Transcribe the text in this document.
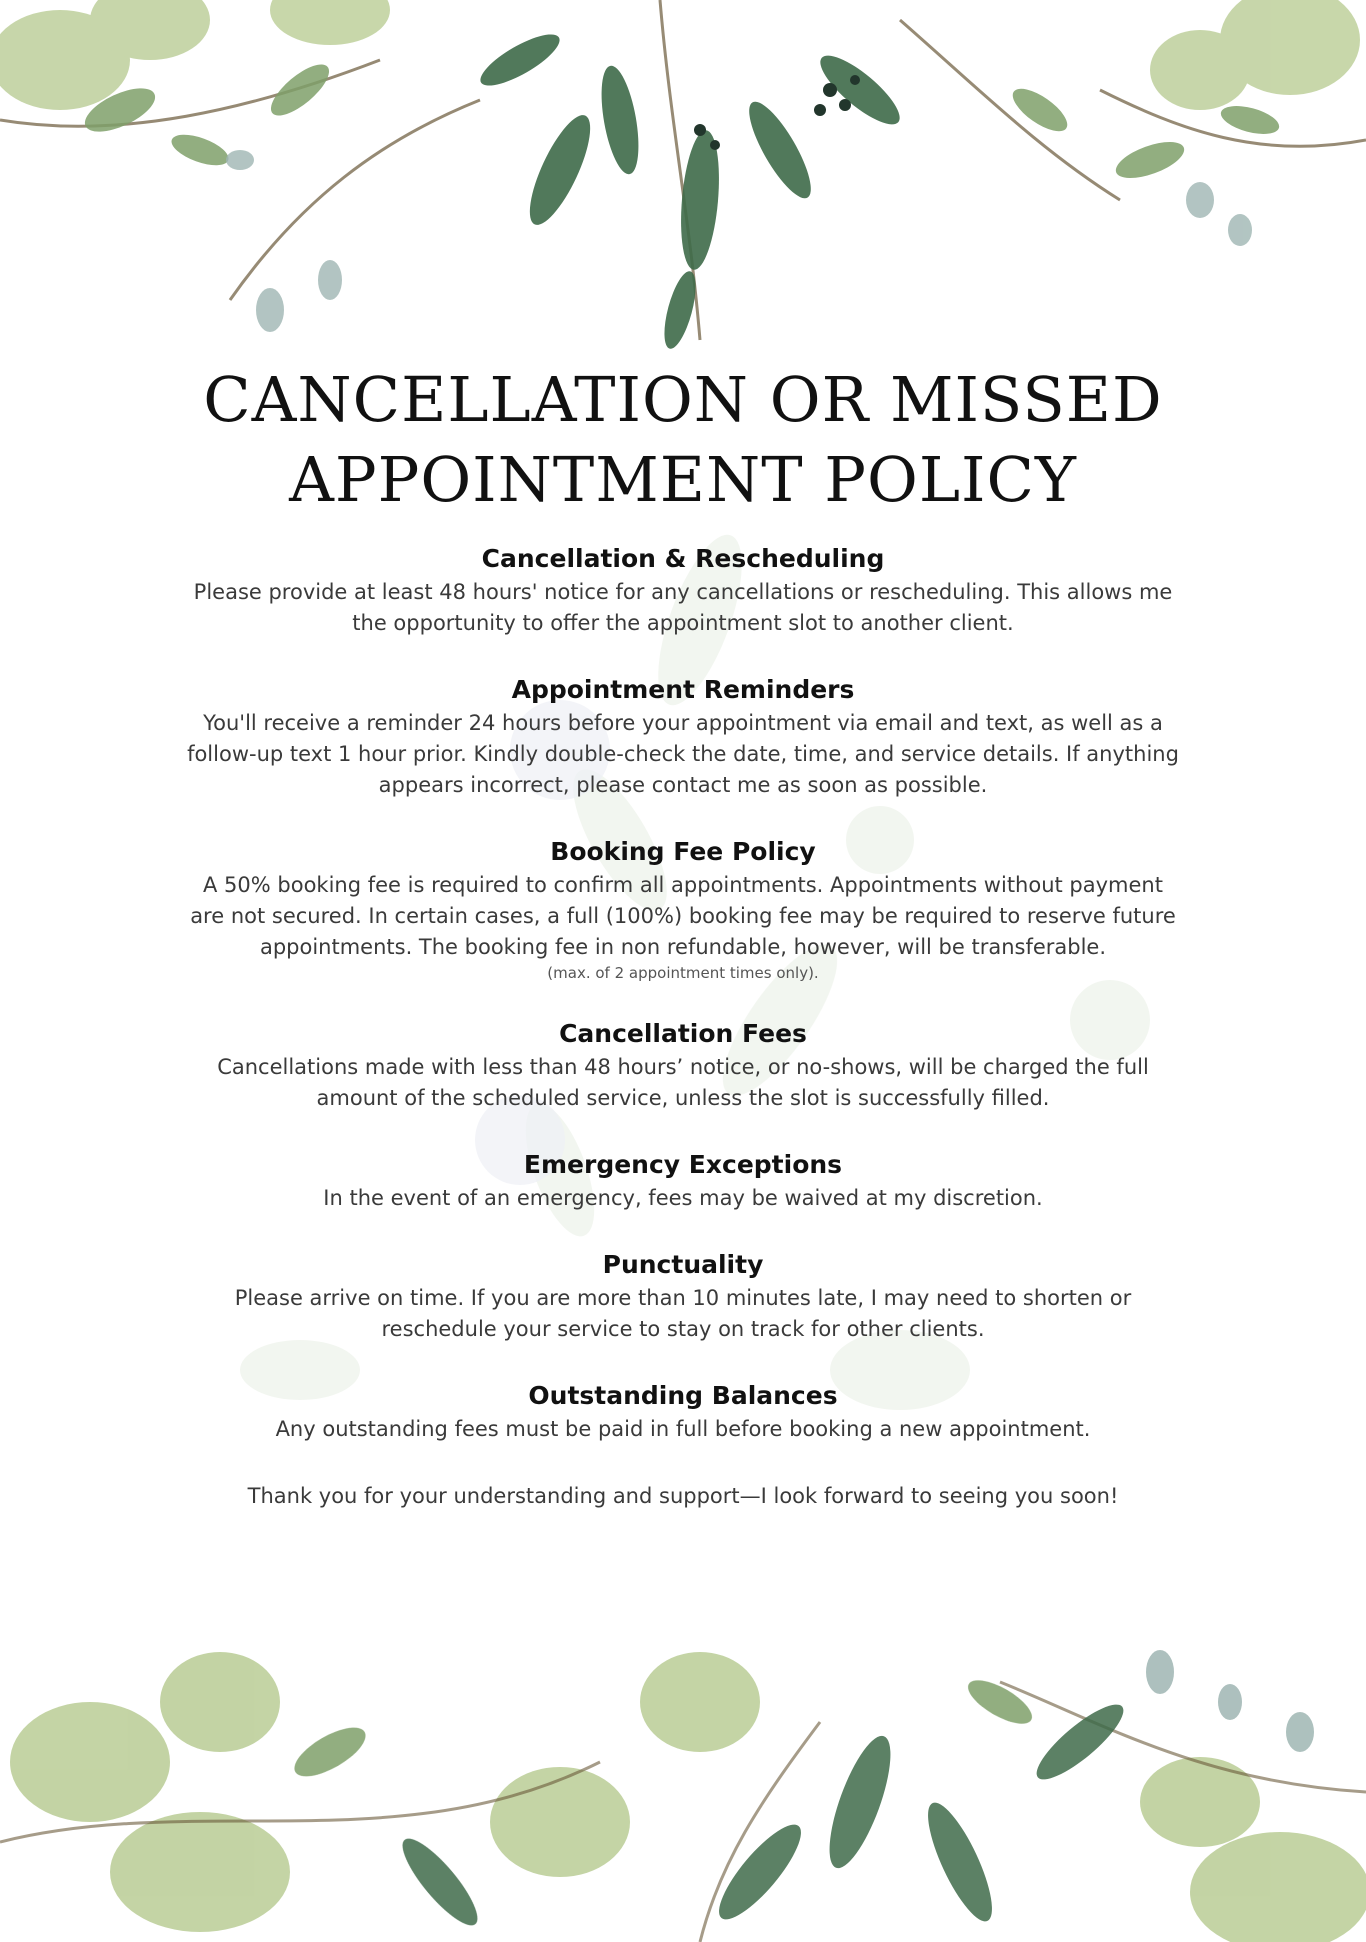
CANCELLATION OR MISSED
APPOINTMENT POLICY
Cancellation & Rescheduling

Please provide at least 48 hours' notice for any cancellations or rescheduling. This allows me the opportunity to offer the appointment slot to another client.

Appointment Reminders

You'll receive a reminder 24 hours before your appointment via email and text, as well as a follow-up text 1 hour prior. Kindly double-check the date, time, and service details. If anything appears incorrect, please contact me as soon as possible.

Booking Fee Policy

A 50% booking fee is required to confirm all appointments. Appointments without payment are not secured. In certain cases, a full (100%) booking fee may be required to reserve future appointments. The booking fee in non refundable, however, will be transferable.

(max. of 2 appointment times only).

Cancellation Fees

Cancellations made with less than 48 hours’ notice, or no-shows, will be charged the full amount of the scheduled service, unless the slot is successfully filled.

Emergency Exceptions

In the event of an emergency, fees may be waived at my discretion.

Punctuality

Please arrive on time. If you are more than 10 minutes late, I may need to shorten or reschedule your service to stay on track for other clients.

Outstanding Balances

Any outstanding fees must be paid in full before booking a new appointment.

Thank you for your understanding and support—I look forward to seeing you soon!
